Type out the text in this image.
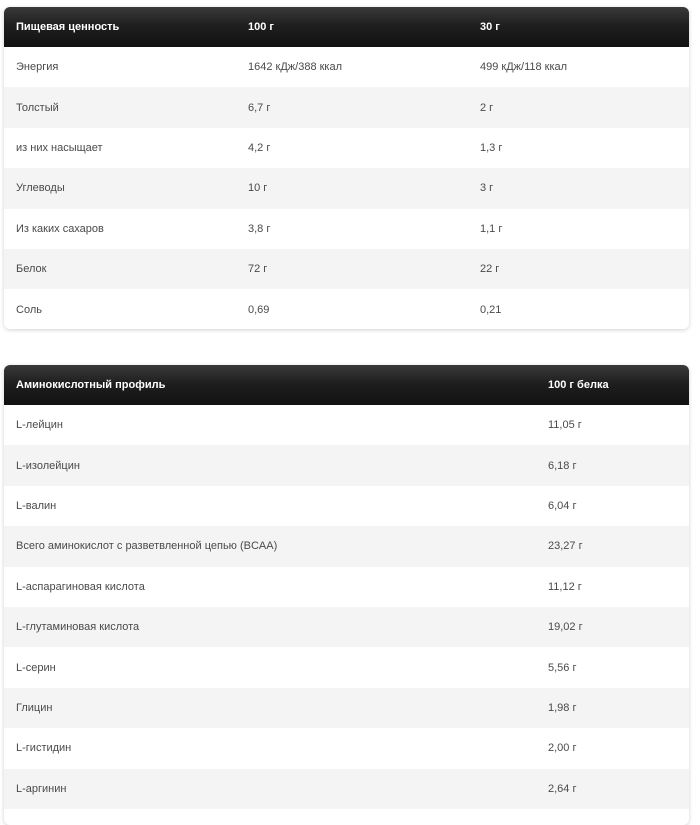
Пищевая ценность	100 г	30 г
Энергия	1642 кДж/388 ккал	499 кДж/118 ккал
Толстый	6,7 г	2 г
из них насыщает	4,2 г	1,3 г
Углеводы	10 г	3 г
Из каких сахаров	3,8 г	1,1 г
Белок	72 г	22 г
Соль	0,69	0,21
Аминокислотный профиль	100 г белка
L-лейцин	11,05 г
L-изолейцин	6,18 г
L-валин	6,04 г
Всего аминокислот с разветвленной цепью (BCAA)	23,27 г
L-аспарагиновая кислота	11,12 г
L-глутаминовая кислота	19,02 г
L-серин	5,56 г
Глицин	1,98 г
L-гистидин	2,00 г
L-аргинин	2,64 г
